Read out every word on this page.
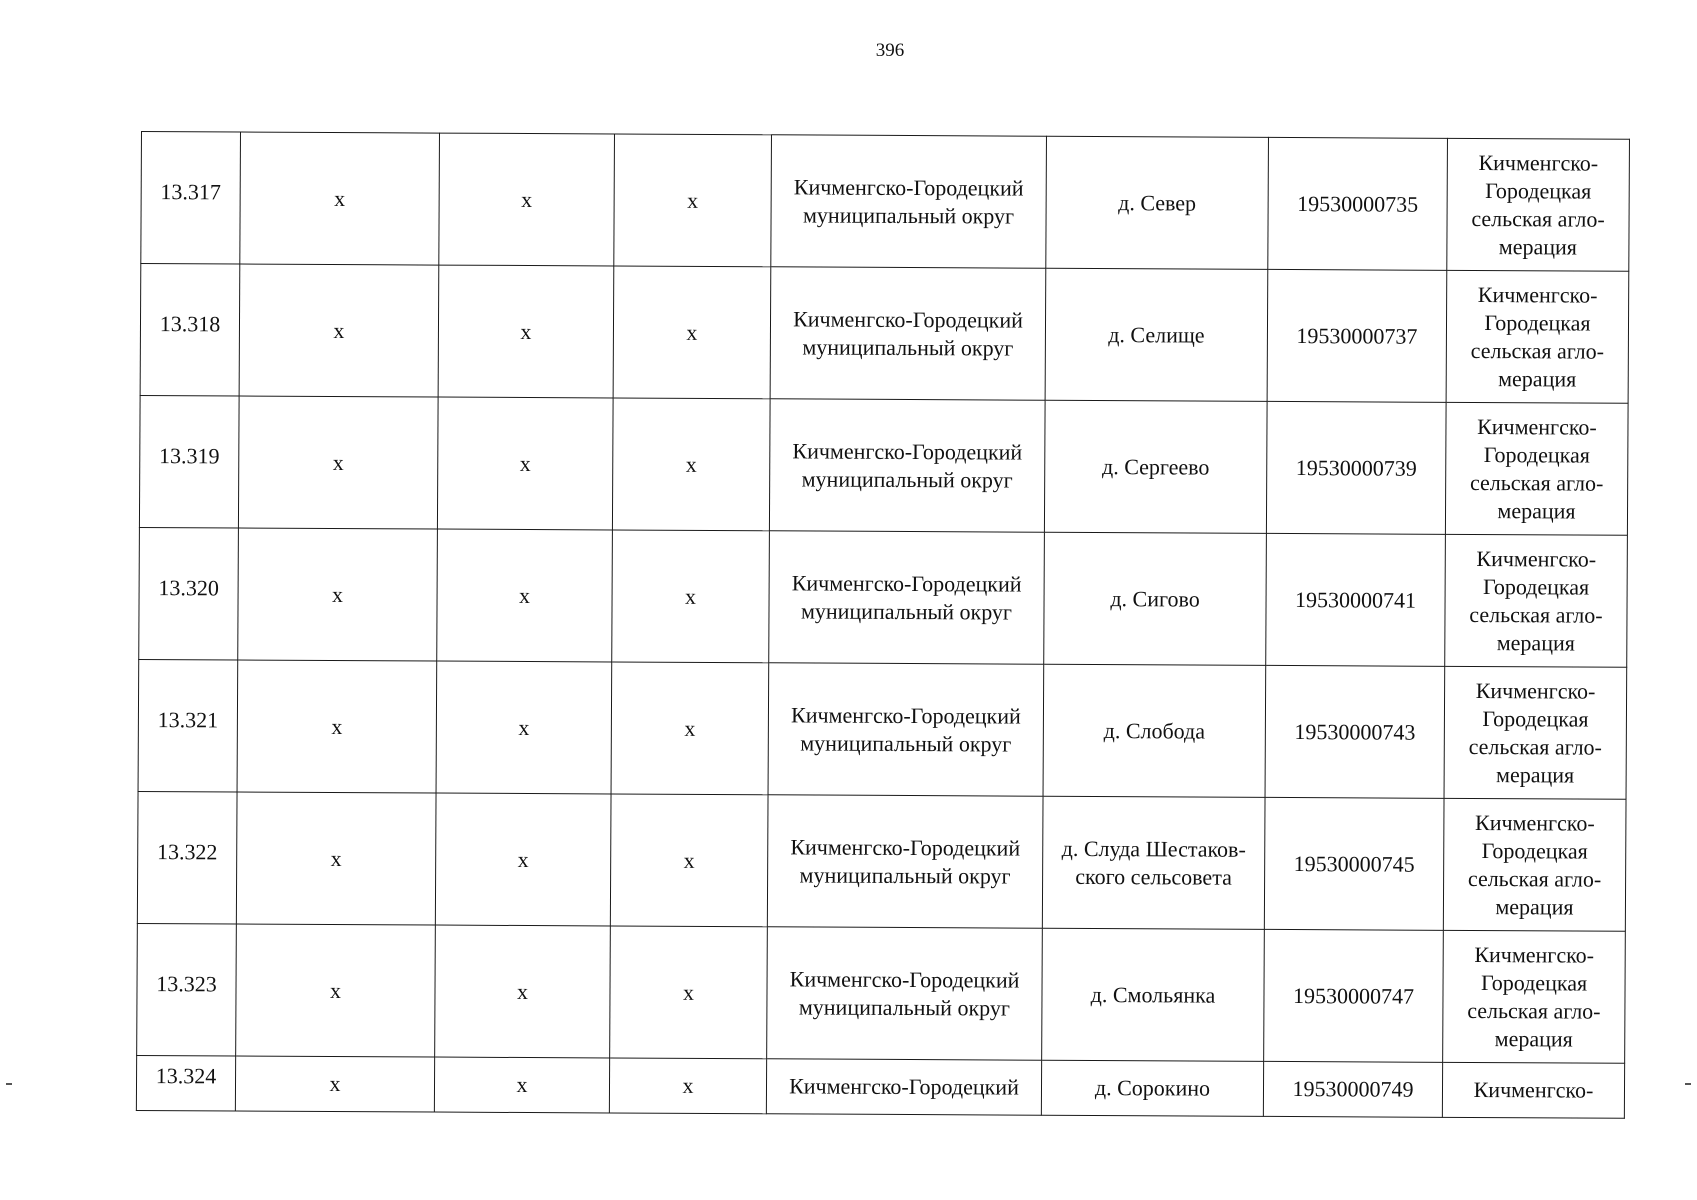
396
13.317	х	х	х	Кичменгско-Городецкий муниципальный округ	д. Север	19530000735	Кичменгско-Городецкая сельская агло-мерация
13.318	х	х	х	Кичменгско-Городецкий муниципальный округ	д. Селище	19530000737	Кичменгско-Городецкая сельская агло-мерация
13.319	х	х	х	Кичменгско-Городецкий муниципальный округ	д. Сергеево	19530000739	Кичменгско-Городецкая сельская агло-мерация
13.320	х	х	х	Кичменгско-Городецкий муниципальный округ	д. Сигово	19530000741	Кичменгско-Городецкая сельская агло-мерация
13.321	х	х	х	Кичменгско-Городецкий муниципальный округ	д. Слобода	19530000743	Кичменгско-Городецкая сельская агло-мерация
13.322	х	х	х	Кичменгско-Городецкий муниципальный округ	д. Слуда Шестаков-ского сельсовета	19530000745	Кичменгско-Городецкая сельская агло-мерация
13.323	х	х	х	Кичменгско-Городецкий муниципальный округ	д. Смольянка	19530000747	Кичменгско-Городецкая сельская агло-мерация
13.324	х	х	х	Кичменгско-Городецкий	д. Сорокино	19530000749	Кичменгско-
